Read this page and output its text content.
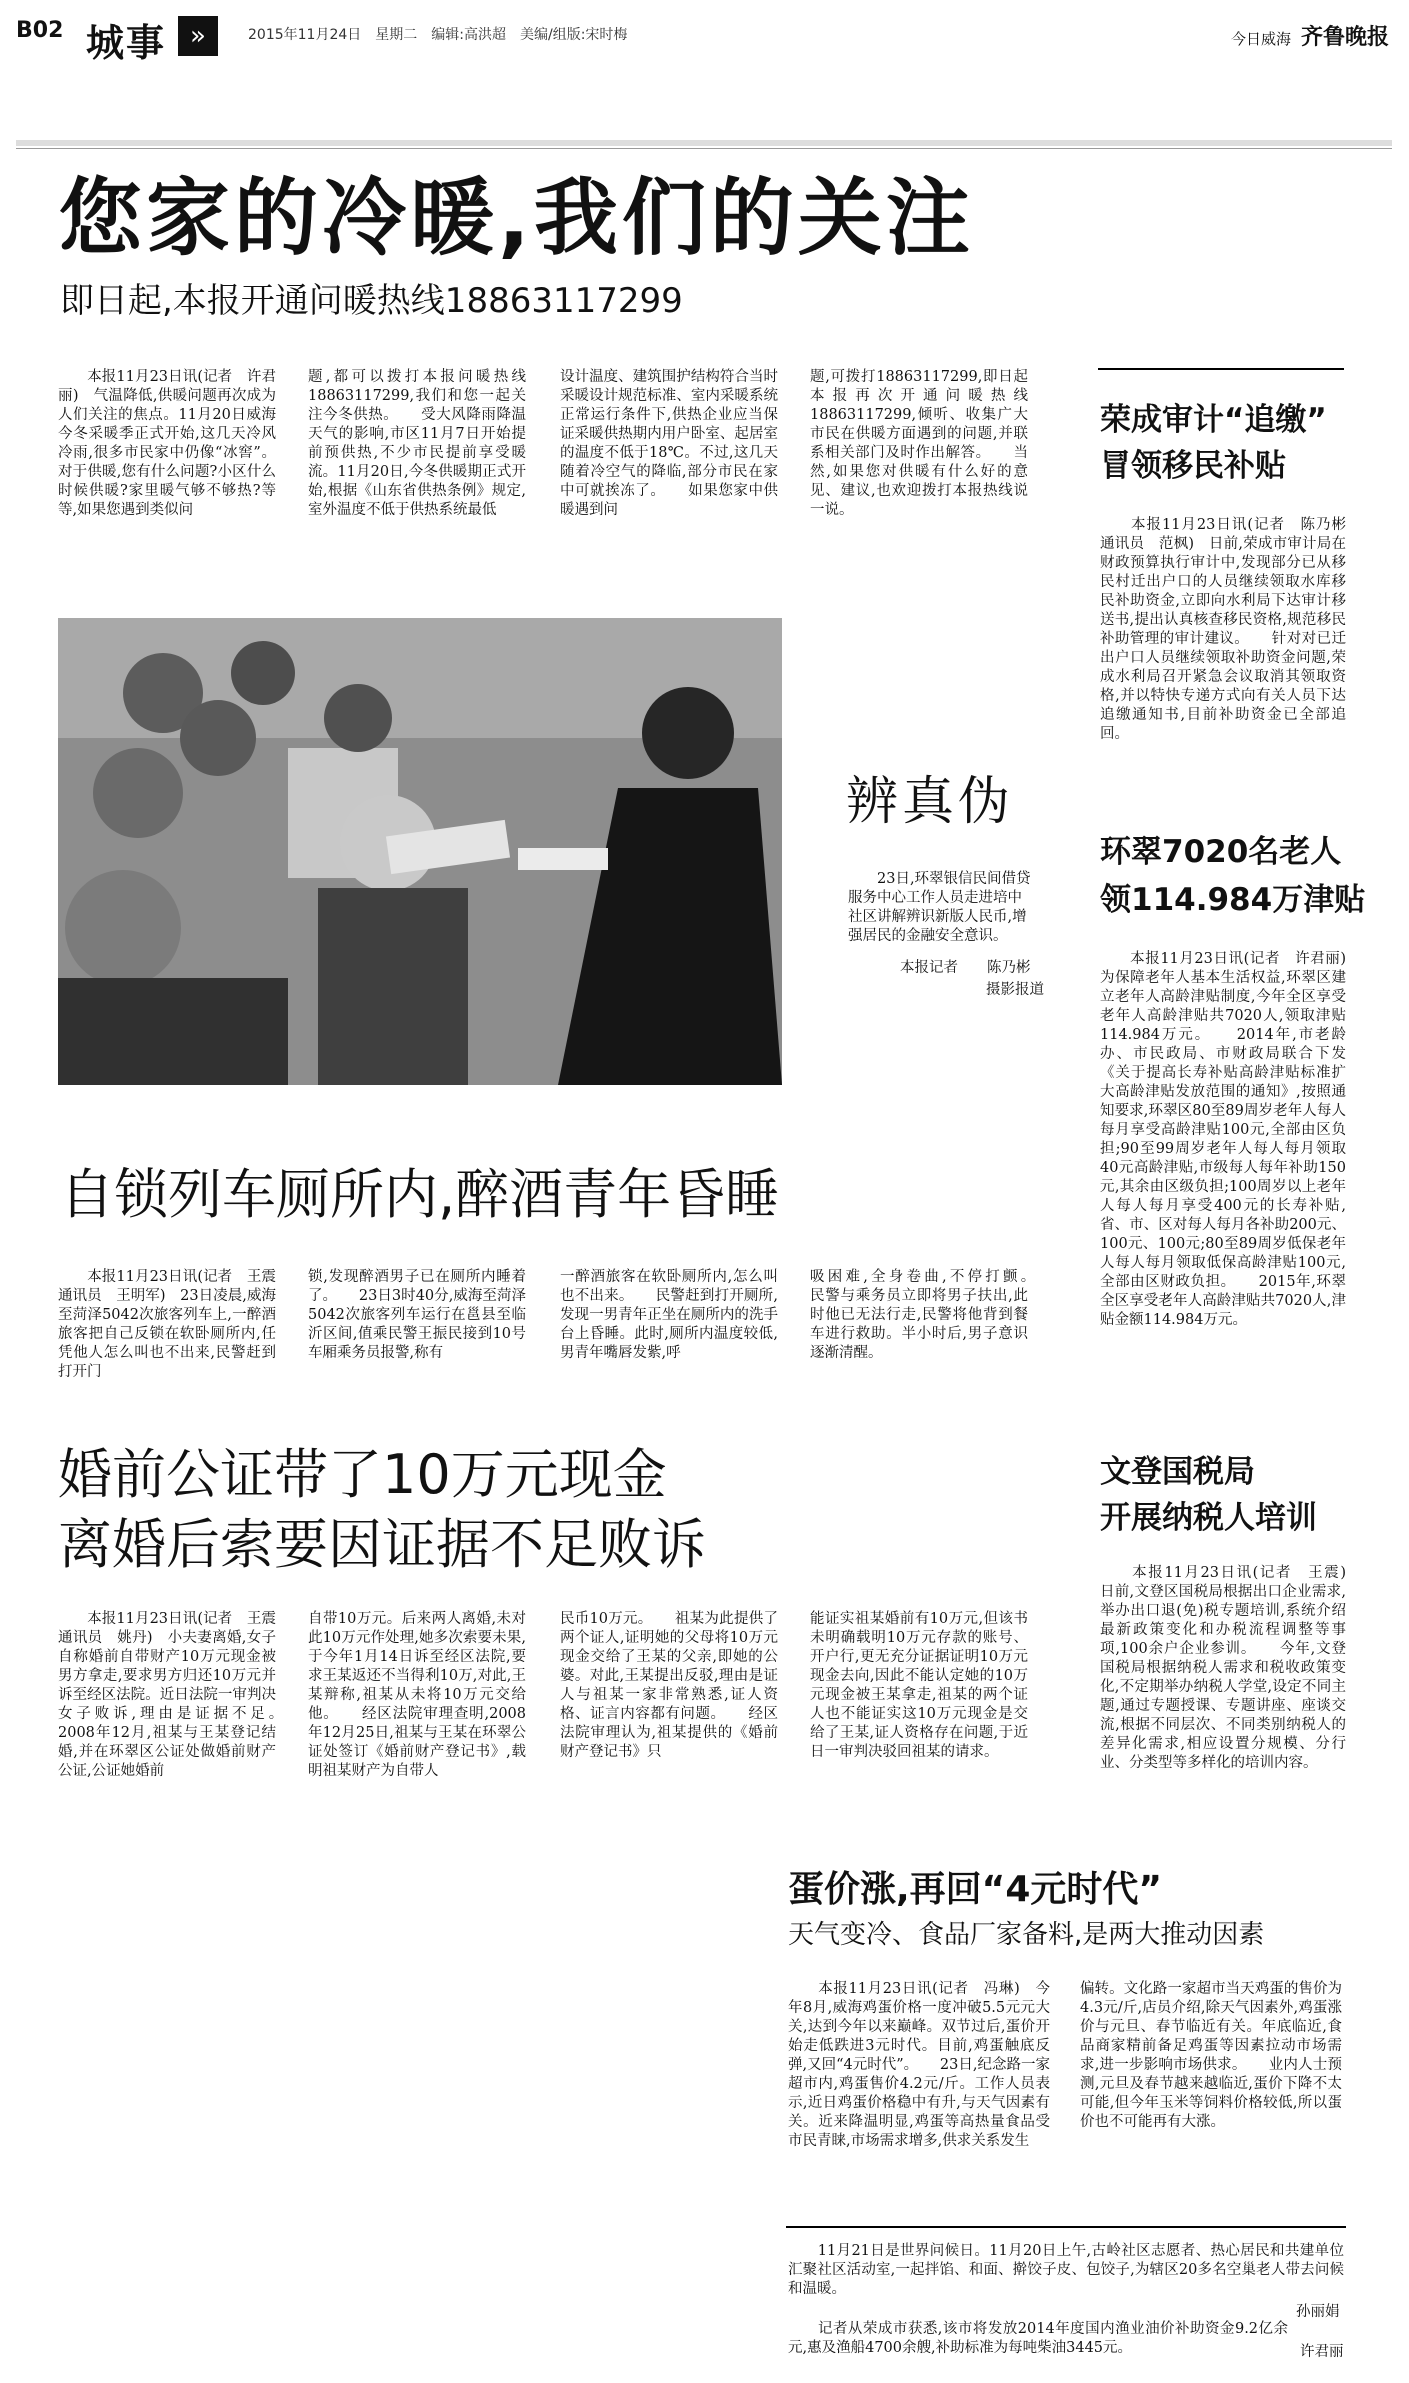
B02 城事 »	2015年11月24日　星期二　编辑:高洪超　美编/组版:宋时梅	今日威海 齐鲁晚报
您家的冷暖,我们的关注
即日起,本报开通问暖热线18863117299
　　本报11月23日讯(记者　许君丽)　气温降低,供暖问题再次成为人们关注的焦点。11月20日威海今冬采暖季正式开始,这几天冷风冷雨,很多市民家中仍像“冰窖”。对于供暖,您有什么问题?小区什么时候供暖?家里暖气够不够热?等等,如果您遇到类似问
题,都可以拨打本报问暖热线18863117299,我们和您一起关注今冬供热。　　受大风降雨降温天气的影响,市区11月7日开始提前预供热,不少市民提前享受暖流。11月20日,今冬供暖期正式开始,根据《山东省供热条例》规定,室外温度不低于供热系统最低
设计温度、建筑围护结构符合当时采暖设计规范标准、室内采暖系统正常运行条件下,供热企业应当保证采暖供热期内用户卧室、起居室的温度不低于18℃。不过,这几天随着冷空气的降临,部分市民在家中可就挨冻了。　　如果您家中供暖遇到问
题,可拨打18863117299,即日起本报再次开通问暖热线18863117299,倾听、收集广大市民在供暖方面遇到的问题,并联系相关部门及时作出解答。　　当然,如果您对供暖有什么好的意见、建议,也欢迎拨打本报热线说一说。
辨真伪
　　23日,环翠银信民间借贷服务中心工作人员走进培中社区讲解辨识新版人民币,增强居民的金融安全意识。
本报记者　　陈乃彬
摄影报道
自锁列车厕所内,醉酒青年昏睡
　　本报11月23日讯(记者　王震　通讯员　王明军)　23日凌晨,威海至菏泽5042次旅客列车上,一醉酒旅客把自己反锁在软卧厕所内,任凭他人怎么叫也不出来,民警赶到打开门
锁,发现醉酒男子已在厕所内睡着了。　　23日3时40分,威海至菏泽5042次旅客列车运行在邕县至临沂区间,值乘民警王振民接到10号车厢乘务员报警,称有
一醉酒旅客在软卧厕所内,怎么叫也不出来。　　民警赶到打开厕所,发现一男青年正坐在厕所内的洗手台上昏睡。此时,厕所内温度较低,男青年嘴唇发紫,呼
吸困难,全身卷曲,不停打颤。　　民警与乘务员立即将男子扶出,此时他已无法行走,民警将他背到餐车进行救助。半小时后,男子意识逐渐清醒。
婚前公证带了10万元现金
离婚后索要因证据不足败诉
　　本报11月23日讯(记者　王震　通讯员　姚丹)　小夫妻离婚,女子自称婚前自带财产10万元现金被男方拿走,要求男方归还10万元并诉至经区法院。近日法院一审判决女子败诉,理由是证据不足。　　2008年12月,祖某与王某登记结婚,并在环翠区公证处做婚前财产公证,公证她婚前
自带10万元。后来两人离婚,未对此10万元作处理,她多次索要未果,于今年1月14日诉至经区法院,要求王某返还不当得利10万,对此,王某辩称,祖某从未将10万元交给他。　　经区法院审理查明,2008年12月25日,祖某与王某在环翠公证处签订《婚前财产登记书》,载明祖某财产为自带人
民币10万元。　　祖某为此提供了两个证人,证明她的父母将10万元现金交给了王某的父亲,即她的公婆。对此,王某提出反驳,理由是证人与祖某一家非常熟悉,证人资格、证言内容都有问题。　　经区法院审理认为,祖某提供的《婚前财产登记书》只
能证实祖某婚前有10万元,但该书未明确载明10万元存款的账号、开户行,更无充分证据证明10万元现金去向,因此不能认定她的10万元现金被王某拿走,祖某的两个证人也不能证实这10万元现金是交给了王某,证人资格存在问题,于近日一审判决驳回祖某的请求。
蛋价涨,再回“4元时代”
天气变冷、食品厂家备料,是两大推动因素
　　本报11月23日讯(记者　冯琳)　今年8月,威海鸡蛋价格一度冲破5.5元元大关,达到今年以来巅峰。双节过后,蛋价开始走低跌进3元时代。目前,鸡蛋触底反弹,又回“4元时代”。　　23日,纪念路一家超市内,鸡蛋售价4.2元/斤。工作人员表示,近日鸡蛋价格稳中有升,与天气因素有关。近来降温明显,鸡蛋等高热量食品受市民青睐,市场需求增多,供求关系发生
偏转。文化路一家超市当天鸡蛋的售价为4.3元/斤,店员介绍,除天气因素外,鸡蛋涨价与元旦、春节临近有关。年底临近,食品商家精前备足鸡蛋等因素拉动市场需求,进一步影响市场供求。　　业内人士预测,元旦及春节越来越临近,蛋价下降不太可能,但今年玉米等饲料价格较低,所以蛋价也不可能再有大涨。
荣成审计“追缴”
冒领移民补贴
　　本报11月23日讯(记者　陈乃彬　通讯员　范枫)　日前,荣成市审计局在财政预算执行审计中,发现部分已从移民村迁出户口的人员继续领取水库移民补助资金,立即向水利局下达审计移送书,提出认真核查移民资格,规范移民补助管理的审计建议。　　针对对已迁出户口人员继续领取补助资金问题,荣成水利局召开紧急会议取消其领取资格,并以特快专递方式向有关人员下达追缴通知书,目前补助资金已全部追回。
环翠7020名老人
领114.984万津贴
　　本报11月23日讯(记者　许君丽)　为保障老年人基本生活权益,环翠区建立老年人高龄津贴制度,今年全区享受老年人高龄津贴共7020人,领取津贴114.984万元。　　2014年,市老龄办、市民政局、市财政局联合下发《关于提高长寿补贴高龄津贴标准扩大高龄津贴发放范围的通知》,按照通知要求,环翠区80至89周岁老年人每人每月享受高龄津贴100元,全部由区负担;90至99周岁老年人每人每月领取40元高龄津贴,市级每人每年补助150元,其余由区级负担;100周岁以上老年人每人每月享受400元的长寿补贴,省、市、区对每人每月各补助200元、100元、100元;80至89周岁低保老年人每人每月领取低保高龄津贴100元,全部由区财政负担。　　2015年,环翠全区享受老年人高龄津贴共7020人,津贴金额114.984万元。
文登国税局
开展纳税人培训
　　本报11月23日讯(记者　王震)　日前,文登区国税局根据出口企业需求,举办出口退(免)税专题培训,系统介绍最新政策变化和办税流程调整等事项,100余户企业参训。　　今年,文登国税局根据纳税人需求和税收政策变化,不定期举办纳税人学堂,设定不同主题,通过专题授课、专题讲座、座谈交流,根据不同层次、不同类别纳税人的差异化需求,相应设置分规模、分行业、分类型等多样化的培训内容。
　　11月21日是世界问候日。11月20日上午,古岭社区志愿者、热心居民和共建单位汇聚社区活动室,一起拌馅、和面、擀饺子皮、包饺子,为辖区20多名空巢老人带去问候和温暖。
孙丽娟
　　记者从荣成市获悉,该市将发放2014年度国内渔业油价补助资金9.2亿余元,惠及渔船4700余艘,补助标准为每吨柴油3445元。	许君丽
